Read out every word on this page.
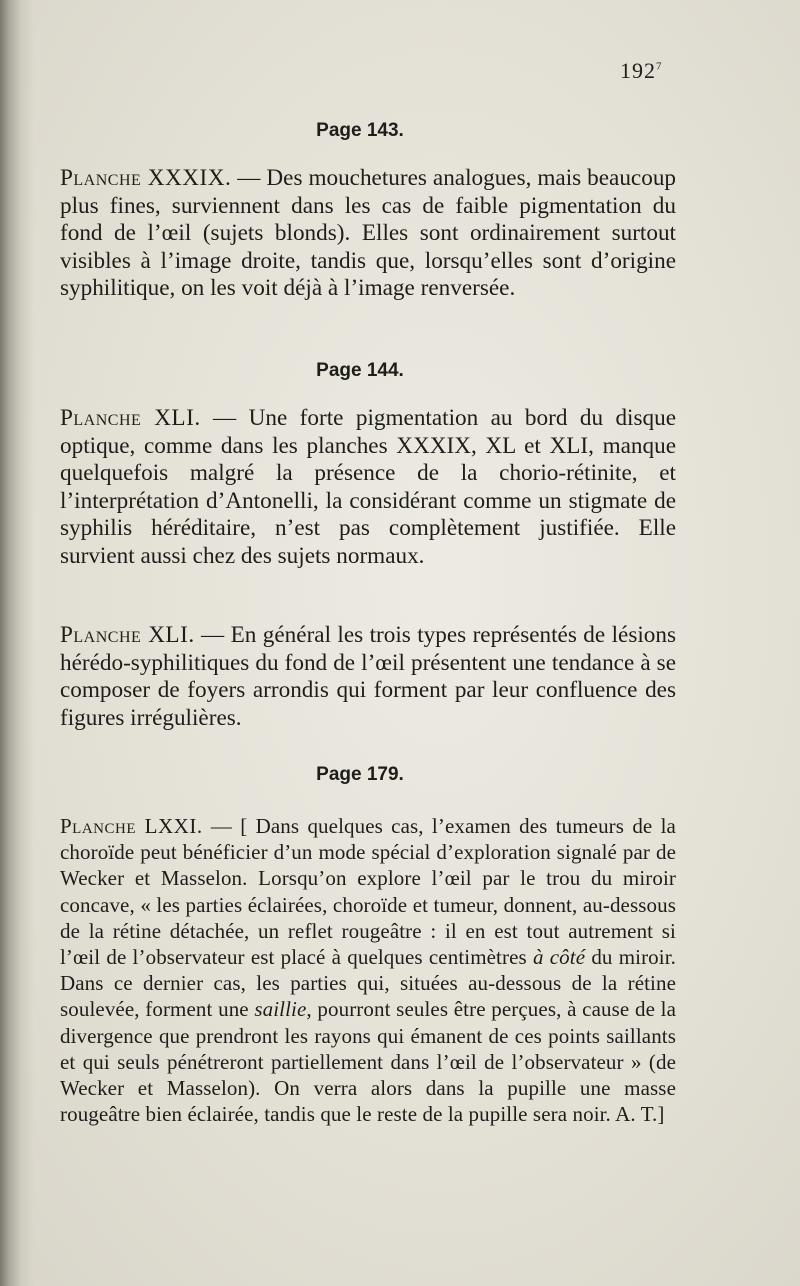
$192^7$
Page 143.

Planche XXXIX. — Des mouchetures analogues, mais beaucoup plus fines, surviennent dans les cas de faible pigmentation du fond de l’œil (sujets blonds). Elles sont ordinairement surtout visibles à l’image droite, tandis que, lorsqu’elles sont d’origine syphilitique, on les voit déjà à l’image renversée.

Page 144.

Planche XLI. — Une forte pigmentation au bord du disque optique, comme dans les planches XXXIX, XL et XLI, manque quelquefois malgré la présence de la chorio-rétinite, et l’interprétation d’Antonelli, la considérant comme un stigmate de syphilis héréditaire, n’est pas complètement justifiée. Elle survient aussi chez des sujets normaux.

Planche XLI. — En général les trois types représentés de lésions hérédo-syphilitiques du fond de l’œil présentent une tendance à se composer de foyers arrondis qui forment par leur confluence des figures irrégulières.

Page 179.

Planche LXXI. — [ Dans quelques cas, l’examen des tumeurs de la choroïde peut bénéficier d’un mode spécial d’exploration signalé par de Wecker et Masselon. Lorsqu’on explore l’œil par le trou du miroir concave, « les parties éclairées, choroïde et tumeur, donnent, au-dessous de la rétine détachée, un reflet rougeâtre : il en est tout autrement si l’œil de l’observateur est placé à quelques centimètres à côté du miroir. Dans ce dernier cas, les parties qui, situées au-dessous de la rétine soulevée, forment une saillie, pourront seules être perçues, à cause de la divergence que prendront les rayons qui émanent de ces points saillants et qui seuls pénétreront partiellement dans l’œil de l’observateur » (de Wecker et Masselon). On verra alors dans la pupille une masse rougeâtre bien éclairée, tandis que le reste de la pupille sera noir. A. T.]
